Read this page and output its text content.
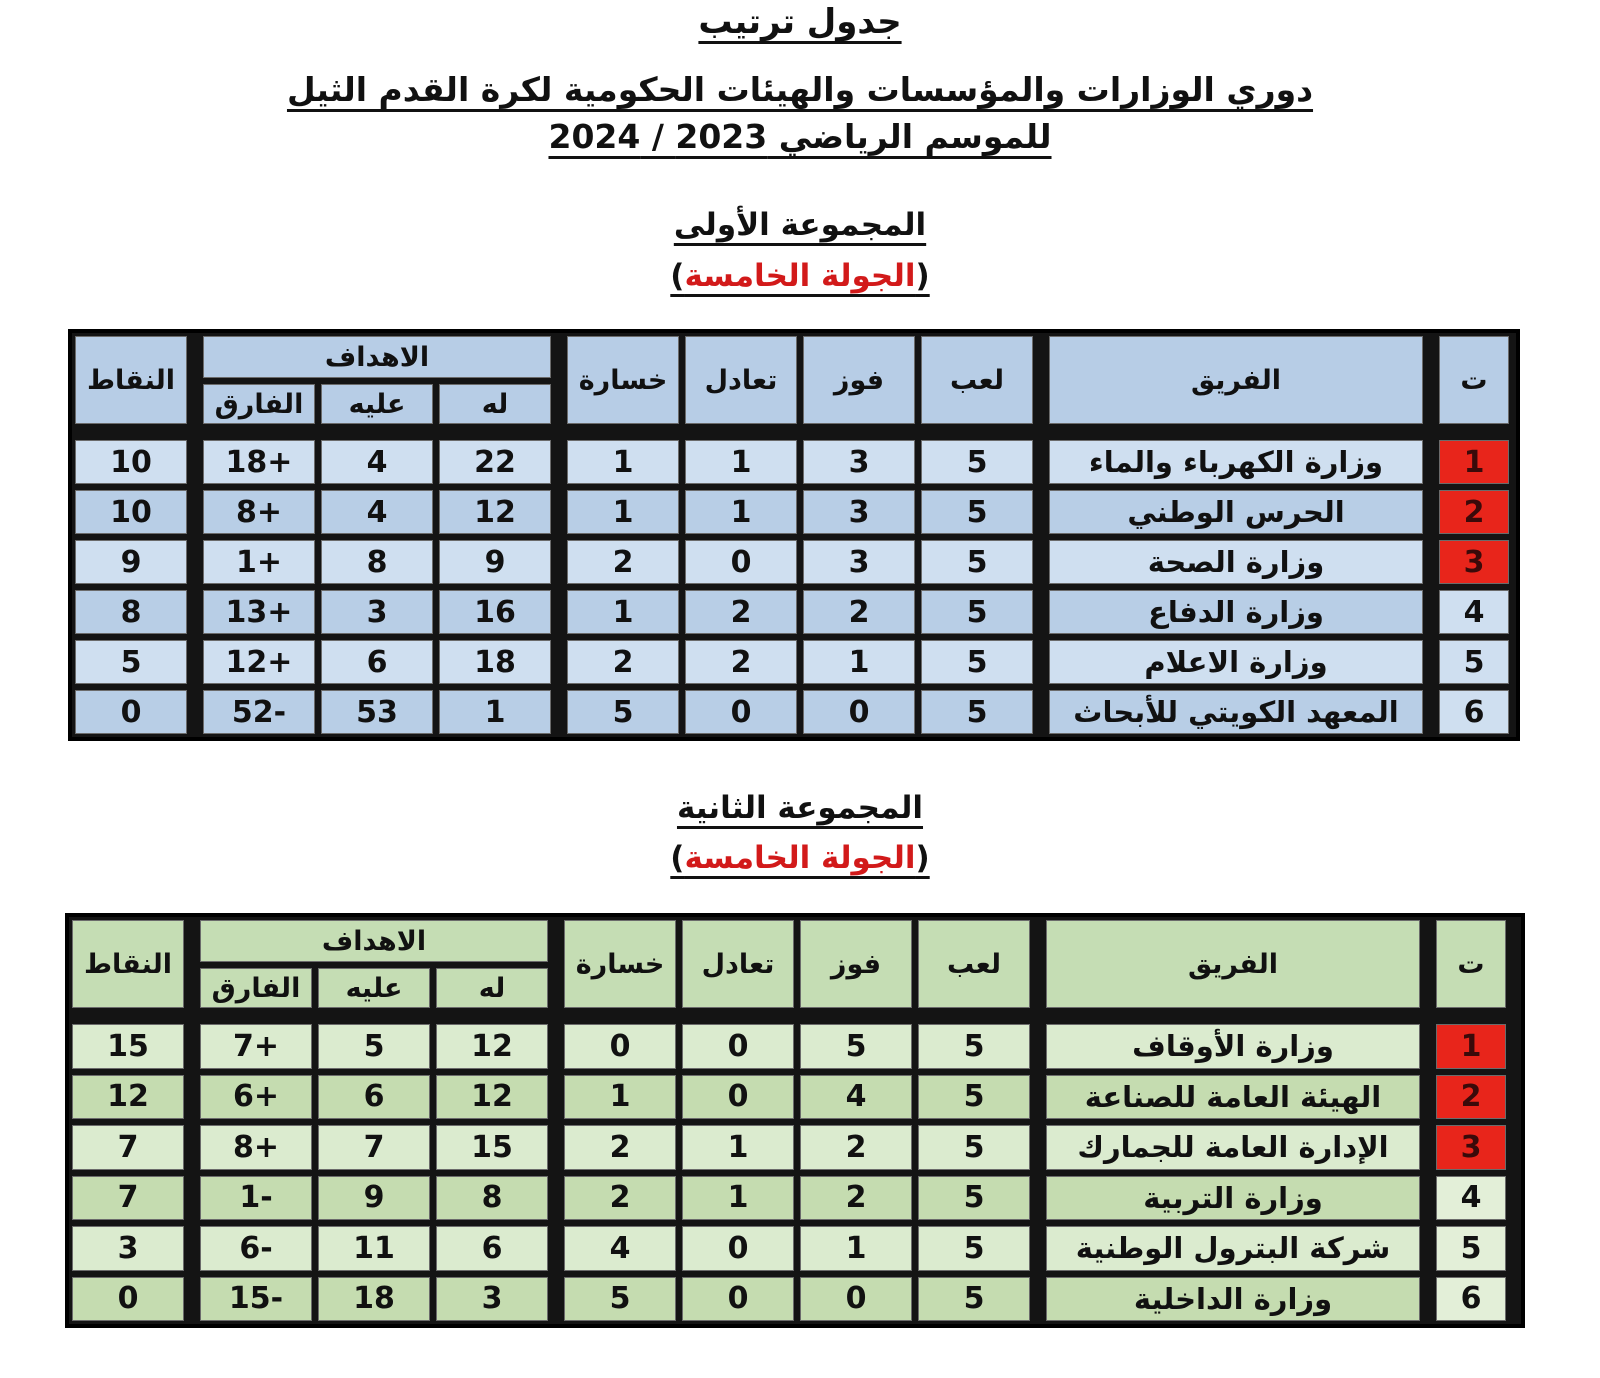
جدول ترتيب
دوري الوزارات والمؤسسات والهيئات الحكومية لكرة القدم الثيل
للموسم الرياضي 2023 / 2024
المجموعة الأولى
(الجولة الخامسة)
النقاط
الاهداف
الفارق	عليه	له
خسارة	تعادل	فوز	لعب	الفريق	ت
10	18+	4	22	1	1	3	5	وزارة الكهرباء والماء	1
10	8+	4	12	1	1	3	5	الحرس الوطني	2
9	1+	8	9	2	0	3	5	وزارة الصحة	3
8	13+	3	16	1	2	2	5	وزارة الدفاع	4
5	12+	6	18	2	2	1	5	وزارة الاعلام	5
0	52-	53	1	5	0	0	5	المعهد الكويتي للأبحاث	6
المجموعة الثانية
(الجولة الخامسة)
النقاط
الاهداف
الفارق	عليه	له
خسارة	تعادل	فوز	لعب	الفريق	ت
15	7+	5	12	0	0	5	5	وزارة الأوقاف	1
12	6+	6	12	1	0	4	5	الهيئة العامة للصناعة	2
7	8+	7	15	2	1	2	5	الإدارة العامة للجمارك	3
7	1-	9	8	2	1	2	5	وزارة التربية	4
3	6-	11	6	4	0	1	5	شركة البترول الوطنية	5
0	15-	18	3	5	0	0	5	وزارة الداخلية	6
